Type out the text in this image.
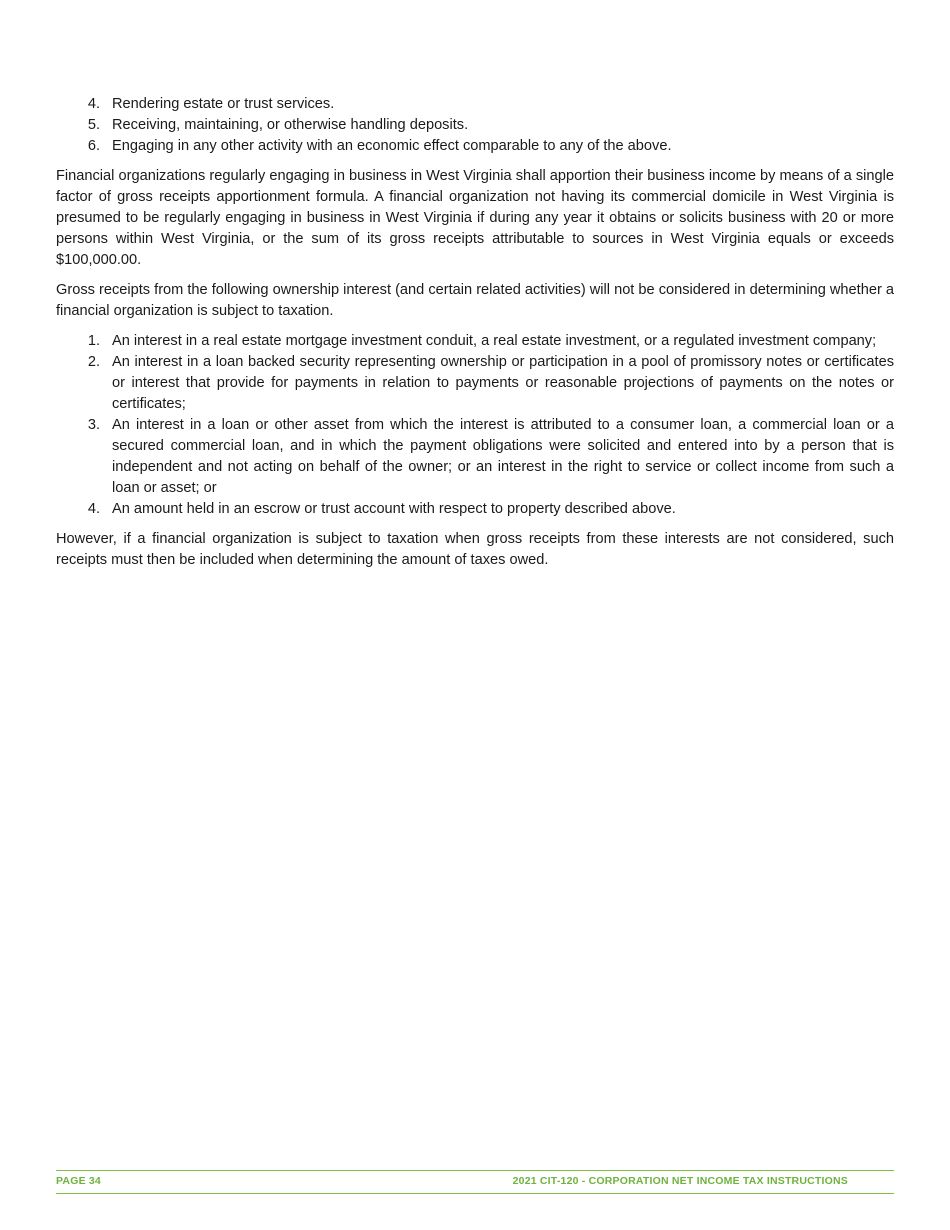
4. Rendering estate or trust services.
5. Receiving, maintaining, or otherwise handling deposits.
6. Engaging in any other activity with an economic effect comparable to any of the above.

Financial organizations regularly engaging in business in West Virginia shall apportion their business income by means of a single factor of gross receipts apportionment formula. A financial organization not having its commercial domicile in West Virginia is presumed to be regularly engaging in business in West Virginia if during any year it obtains or solicits business with 20 or more persons within West Virginia, or the sum of its gross receipts attributable to sources in West Virginia equals or exceeds $100,000.00.

Gross receipts from the following ownership interest (and certain related activities) will not be considered in determining whether a financial organization is subject to taxation.

1. An interest in a real estate mortgage investment conduit, a real estate investment, or a regulated investment company;
2. An interest in a loan backed security representing ownership or participation in a pool of promissory notes or certificates or interest that provide for payments in relation to payments or reasonable projections of payments on the notes or certificates;
3. An interest in a loan or other asset from which the interest is attributed to a consumer loan, a commercial loan or a secured commercial loan, and in which the payment obligations were solicited and entered into by a person that is independent and not acting on behalf of the owner; or an interest in the right to service or collect income from such a loan or asset; or
4. An amount held in an escrow or trust account with respect to property described above.

However, if a financial organization is subject to taxation when gross receipts from these interests are not considered, such receipts must then be included when determining the amount of taxes owed.

PAGE 34	2021 CIT-120 - CORPORATION NET INCOME TAX INSTRUCTIONS
